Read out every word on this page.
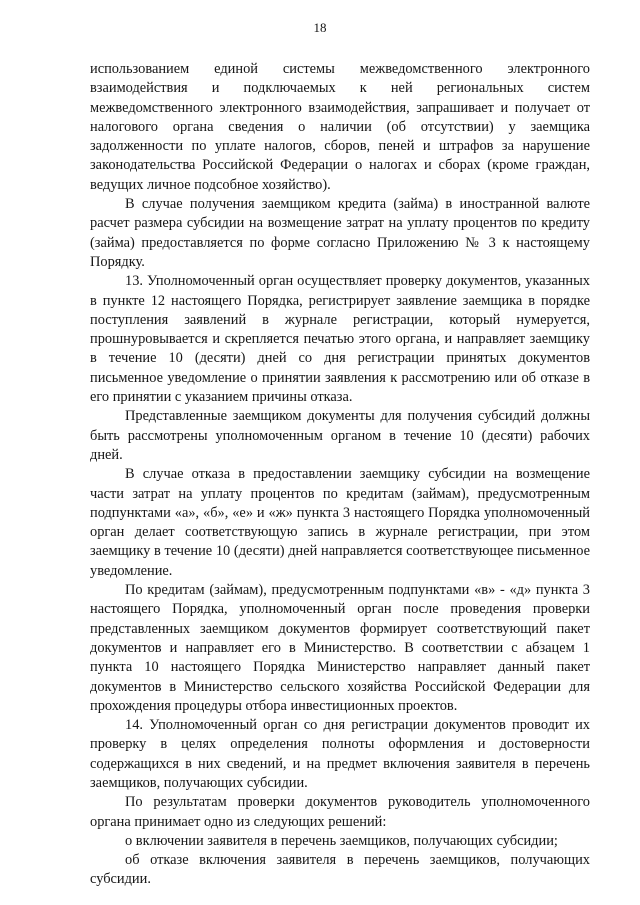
18

использованием единой системы межведомственного электронного взаимодействия и подключаемых к ней региональных систем межведомственного электронного взаимодействия, запрашивает и получает от налогового органа сведения о наличии (об отсутствии) у заемщика задолженности по уплате налогов, сборов, пеней и штрафов за нарушение законодательства Российской Федерации о налогах и сборах (кроме граждан, ведущих личное подсобное хозяйство).

В случае получения заемщиком кредита (займа) в иностранной валюте расчет размера субсидии на возмещение затрат на уплату процентов по кредиту (займа) предоставляется по форме согласно Приложению № 3 к настоящему Порядку.

13. Уполномоченный орган осуществляет проверку документов, указанных в пункте 12 настоящего Порядка, регистрирует заявление заемщика в порядке поступления заявлений в журнале регистрации, который нумеруется, прошнуровывается и скрепляется печатью этого органа, и направляет заемщику в течение 10 (десяти) дней со дня регистрации принятых документов письменное уведомление о принятии заявления к рассмотрению или об отказе в его принятии с указанием причины отказа.

Представленные заемщиком документы для получения субсидий должны быть рассмотрены уполномоченным органом в течение 10 (десяти) рабочих дней.

В случае отказа в предоставлении заемщику субсидии на возмещение части затрат на уплату процентов по кредитам (займам), предусмотренным подпунктами «а», «б», «е» и «ж» пункта 3 настоящего Порядка уполномоченный орган делает соответствующую запись в журнале регистрации, при этом заемщику в течение 10 (десяти) дней направляется соответствующее письменное уведомление.

По кредитам (займам), предусмотренным подпунктами «в» - «д» пункта 3 настоящего Порядка, уполномоченный орган после проведения проверки представленных заемщиком документов формирует соответствующий пакет документов и направляет его в Министерство. В соответствии с абзацем 1 пункта 10 настоящего Порядка Министерство направляет данный пакет документов в Министерство сельского хозяйства Российской Федерации для прохождения процедуры отбора инвестиционных проектов.

14. Уполномоченный орган со дня регистрации документов проводит их проверку в целях определения полноты оформления и достоверности содержащихся в них сведений, и на предмет включения заявителя в перечень заемщиков, получающих субсидии.

По результатам проверки документов руководитель уполномоченного органа принимает одно из следующих решений:

о включении заявителя в перечень заемщиков, получающих субсидии;

об отказе включения заявителя в перечень заемщиков, получающих субсидии.
